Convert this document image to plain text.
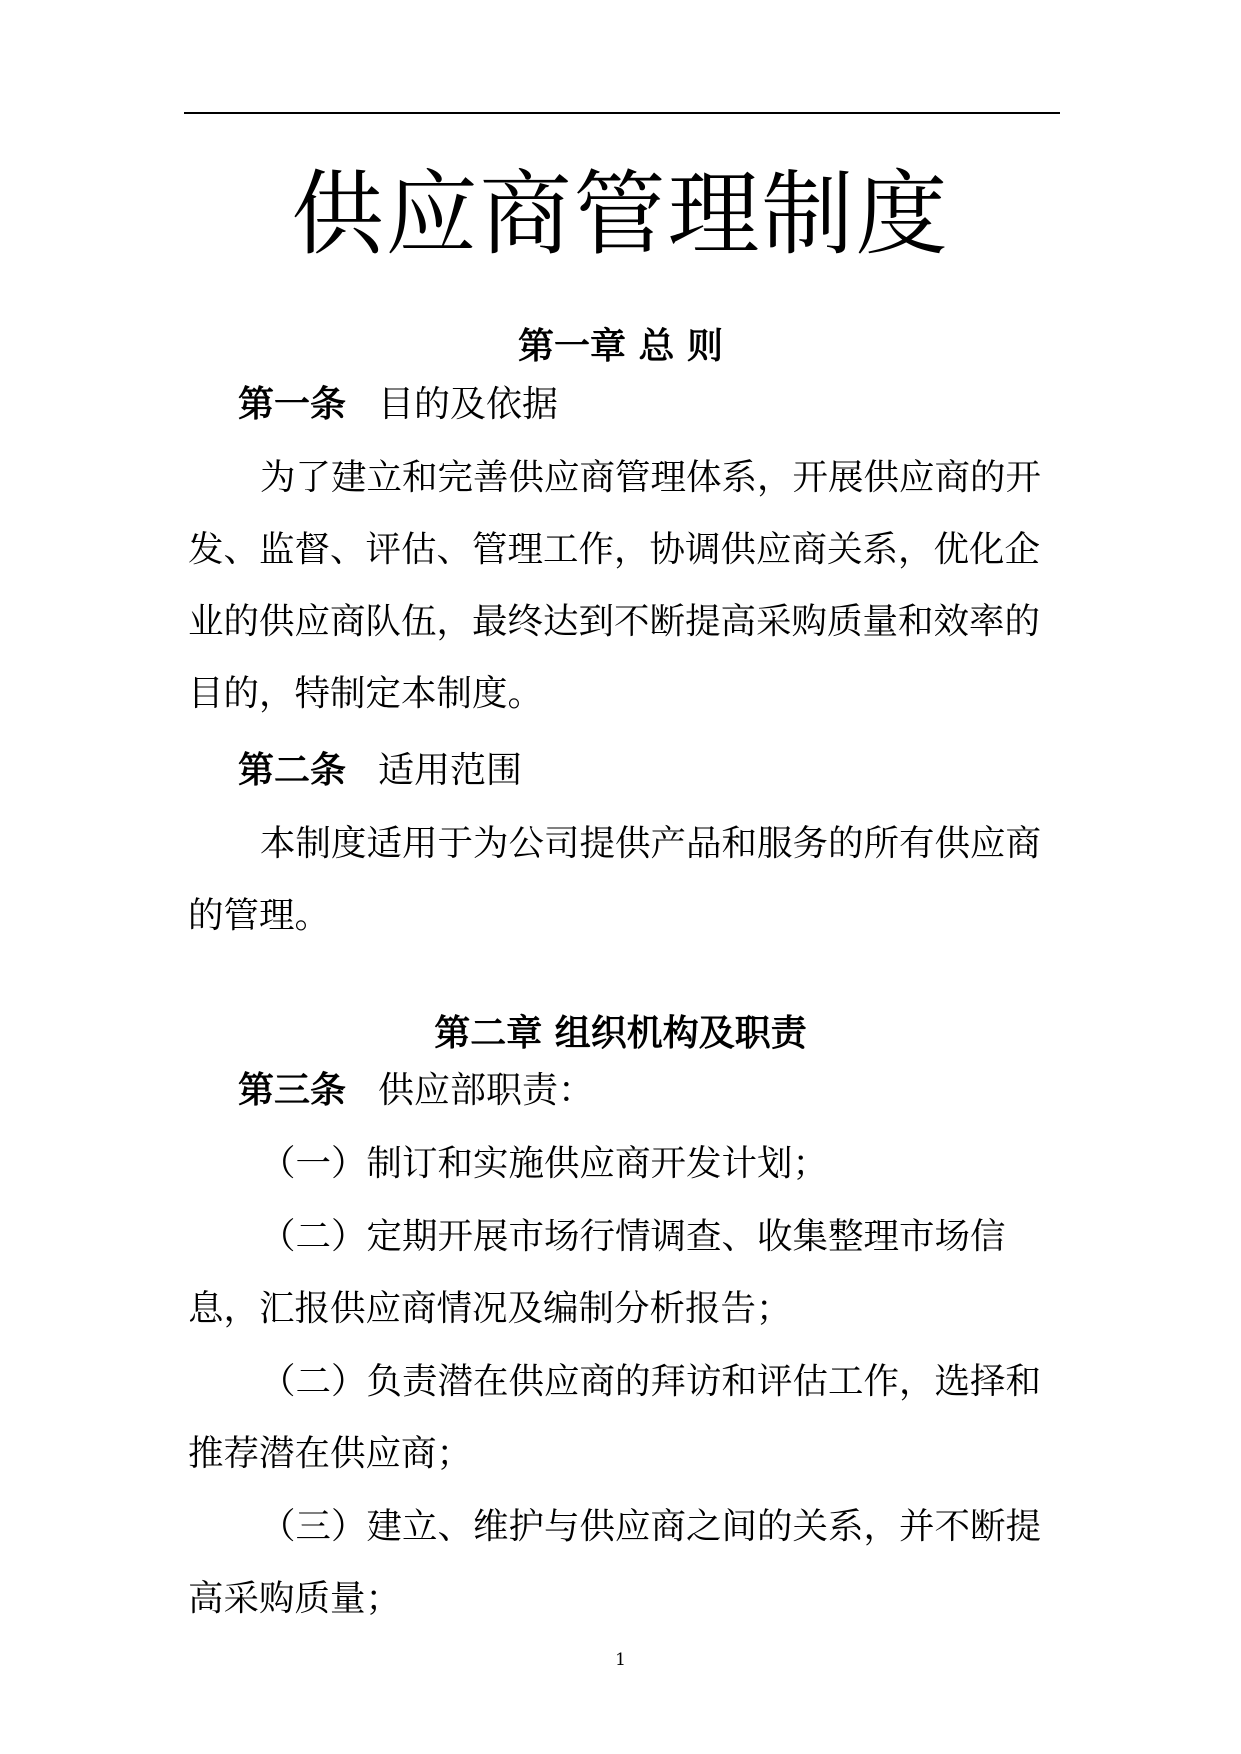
供应商管理制度
第一章 总 则
第一条 目的及依据

为了建立和完善供应商管理体系，开展供应商的开发、监督、评估、管理工作，协调供应商关系，优化企业的供应商队伍，最终达到不断提高采购质量和效率的目的，特制定本制度。

第二条 适用范围

本制度适用于为公司提供产品和服务的所有供应商的管理。

第二章 组织机构及职责
第三条 供应部职责：

（一）制订和实施供应商开发计划；

（二）定期开展市场行情调查、收集整理市场信息，汇报供应商情况及编制分析报告；

（二）负责潜在供应商的拜访和评估工作，选择和推荐潜在供应商；

（三）建立、维护与供应商之间的关系，并不断提高采购质量；

1
